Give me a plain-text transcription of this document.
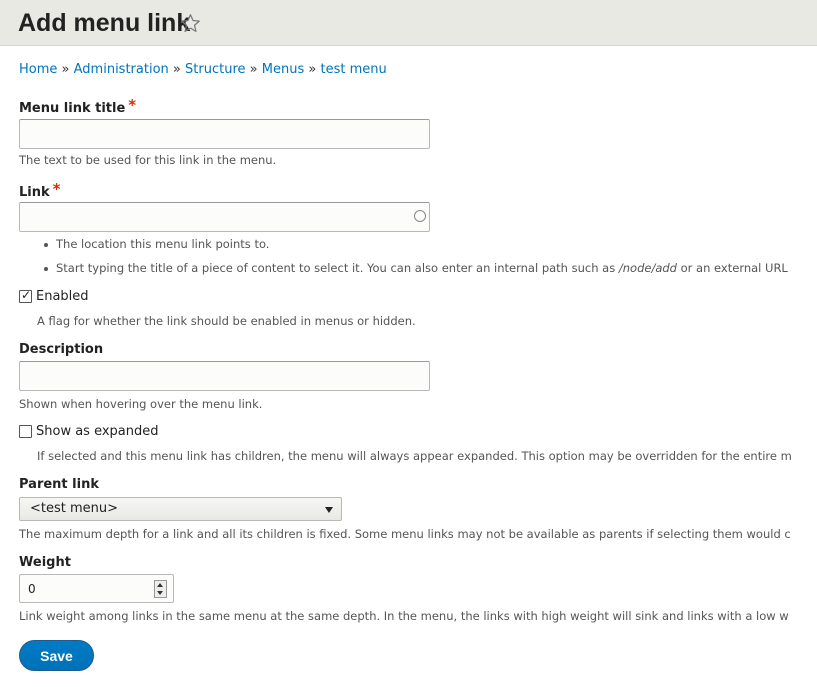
Add menu link
Home » Administration » Structure » Menus » test menu
Menu link title *
The text to be used for this link in the menu.
Link *
The location this menu link points to.
Start typing the title of a piece of content to select it. You can also enter an internal path such as /node/add or an external URL
✓ Enabled
A flag for whether the link should be enabled in menus or hidden.
Description
Shown when hovering over the menu link.
Show as expanded
If selected and this menu link has children, the menu will always appear expanded. This option may be overridden for the entire m
Parent link
<test menu>
The maximum depth for a link and all its children is fixed. Some menu links may not be available as parents if selecting them would c
Weight
0
Link weight among links in the same menu at the same depth. In the menu, the links with high weight will sink and links with a low w
Save
